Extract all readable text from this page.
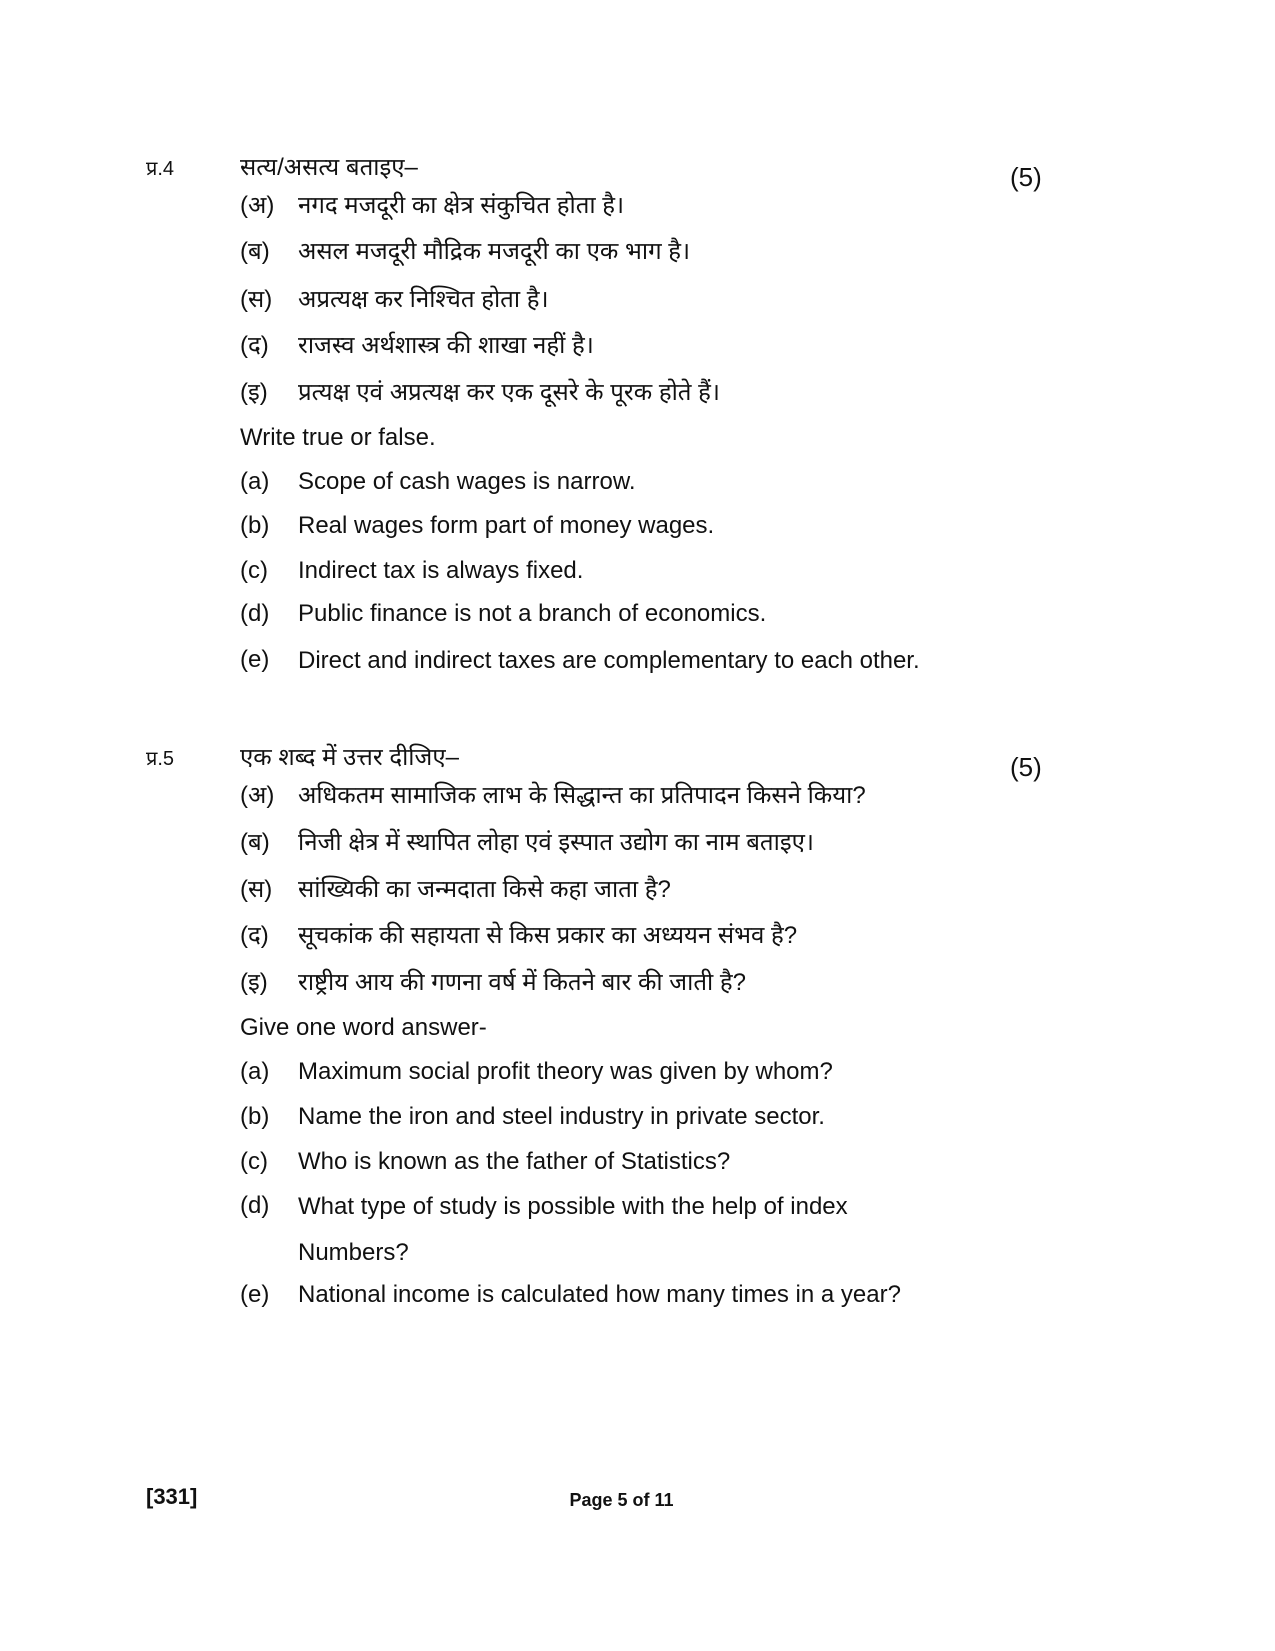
प्र.4	सत्य/असत्य बताइए–	(5)
(अ) नगद मजदूरी का क्षेत्र संकुचित होता है।
(ब) असल मजदूरी मौद्रिक मजदूरी का एक भाग है।
(स) अप्रत्यक्ष कर निश्चित होता है।
(द) राजस्व अर्थशास्त्र की शाखा नहीं है।
(इ) प्रत्यक्ष एवं अप्रत्यक्ष कर एक दूसरे के पूरक होते हैं।
Write true or false.
(a) Scope of cash wages is narrow.
(b) Real wages form part of money wages.
(c) Indirect tax is always fixed.
(d) Public finance is not a branch of economics.
(e) Direct and indirect taxes are complementary to each other.
प्र.5	एक शब्द में उत्तर दीजिए–	(5)
(अ) अधिकतम सामाजिक लाभ के सिद्धान्त का प्रतिपादन किसने किया?
(ब) निजी क्षेत्र में स्थापित लोहा एवं इस्पात उद्योग का नाम बताइए।
(स) सांख्यिकी का जन्मदाता किसे कहा जाता है?
(द) सूचकांक की सहायता से किस प्रकार का अध्ययन संभव है?
(इ) राष्ट्रीय आय की गणना वर्ष में कितने बार की जाती है?
Give one word answer-
(a) Maximum social profit theory was given by whom?
(b) Name the iron and steel industry in private sector.
(c) Who is known as the father of Statistics?
(d) What type of study is possible with the help of index Numbers?
(e) National income is calculated how many times in a year?
[331]	Page 5 of 11
